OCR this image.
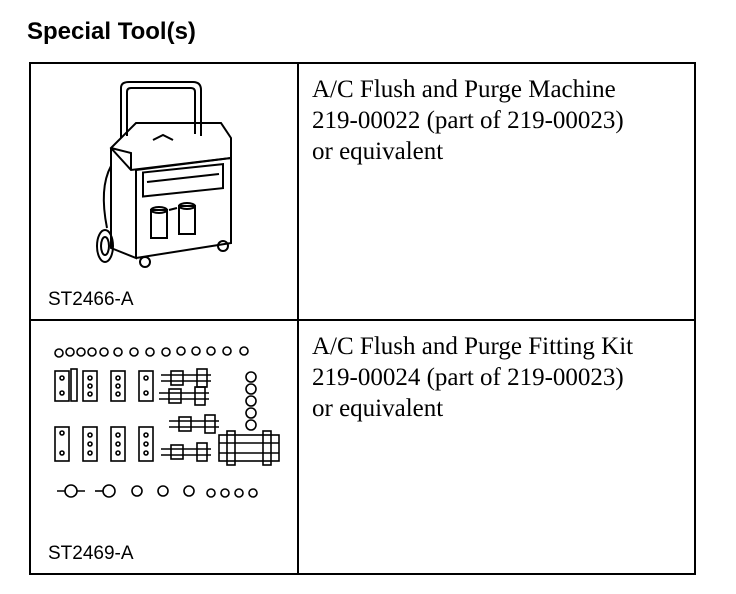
Special Tool(s)
ST2466-A
A/C Flush and Purge Machine
219-00022 (part of 219-00023)
or equivalent
ST2469-A
A/C Flush and Purge Fitting Kit
219-00024 (part of 219-00023)
or equivalent
